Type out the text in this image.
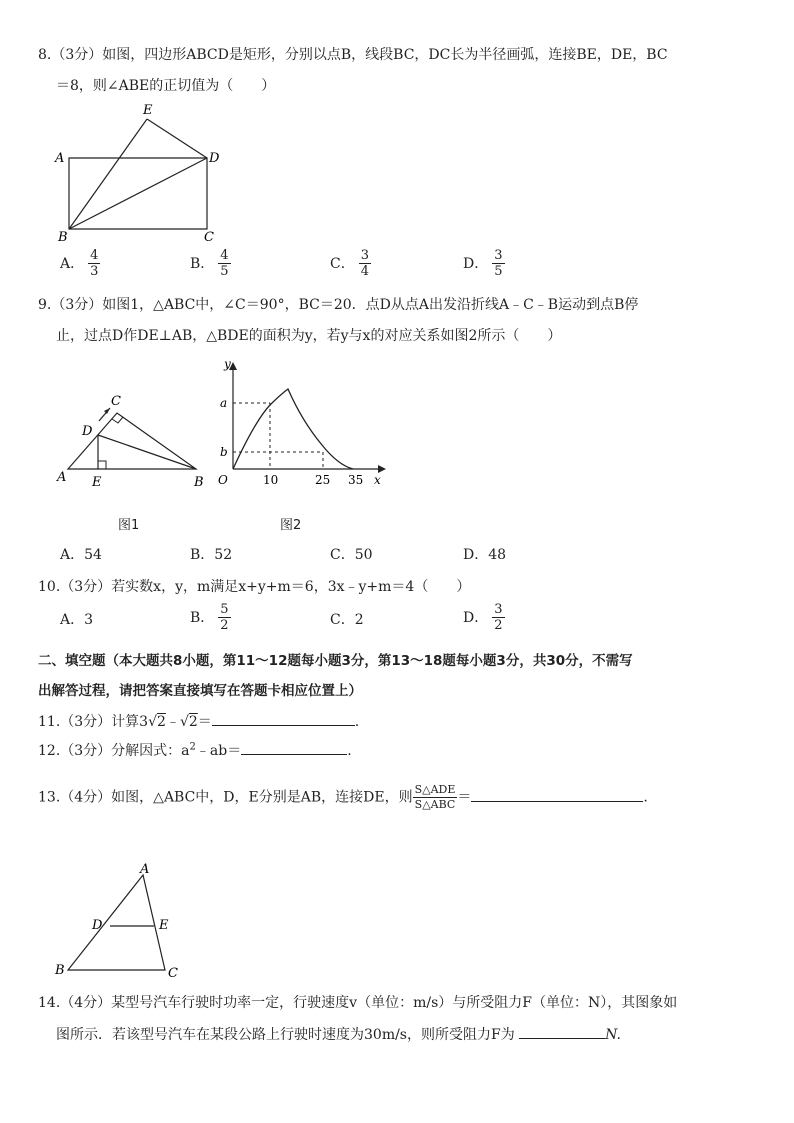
8.（3分）如图，四边形ABCD是矩形，分别以点B，线段BC，DC长为半径画弧，连接BE，DE，BC
＝8，则∠ABE的正切值为（　　）
E
A	D
B	C
A． $\frac{4}{3}$	B． $\frac{4}{5}$	C． $\frac{3}{4}$	D． $\frac{3}{5}$
9.（3分）如图1，△ABC中，∠C＝90°，BC＝20．点D从点A出发沿折线A﹣C﹣B运动到点B停
止，过点D作DE⊥AB，△BDE的面积为y，若y与x的对应关系如图2所示（　　）
C
D
A E	B
y
a
b
O	10	25 35 x
图1	图2
A．54	B．52	C．50	D．48
10.（3分）若实数x，y，m满足x+y+m＝6，3x﹣y+m＝4（　　）
A．3	B． $\frac{5}{2}$	C．2	D． $\frac{3}{2}$
二、填空题（本大题共8小题，第11～12题每小题3分，第13～18题每小题3分，共30分，不需写
出解答过程，请把答案直接填写在答题卡相应位置上）
11.（3分）计算3√2﹣√2＝	.
12.（3分）分解因式：$a^2﹣ab=$	.
13.（4分）如图，△ABC中，D，E分别是AB，连接DE，则 $\frac{\text{S△ADE}}{\text{S△ABC}}$ ＝	.
A
D	E
B	C
14.（4分）某型号汽车行驶时功率一定，行驶速度v（单位：m/s）与所受阻力F（单位：N），其图象如
图所示．若该型号汽车在某段公路上行驶时速度为30m/s，则所受阻力F为	N.
